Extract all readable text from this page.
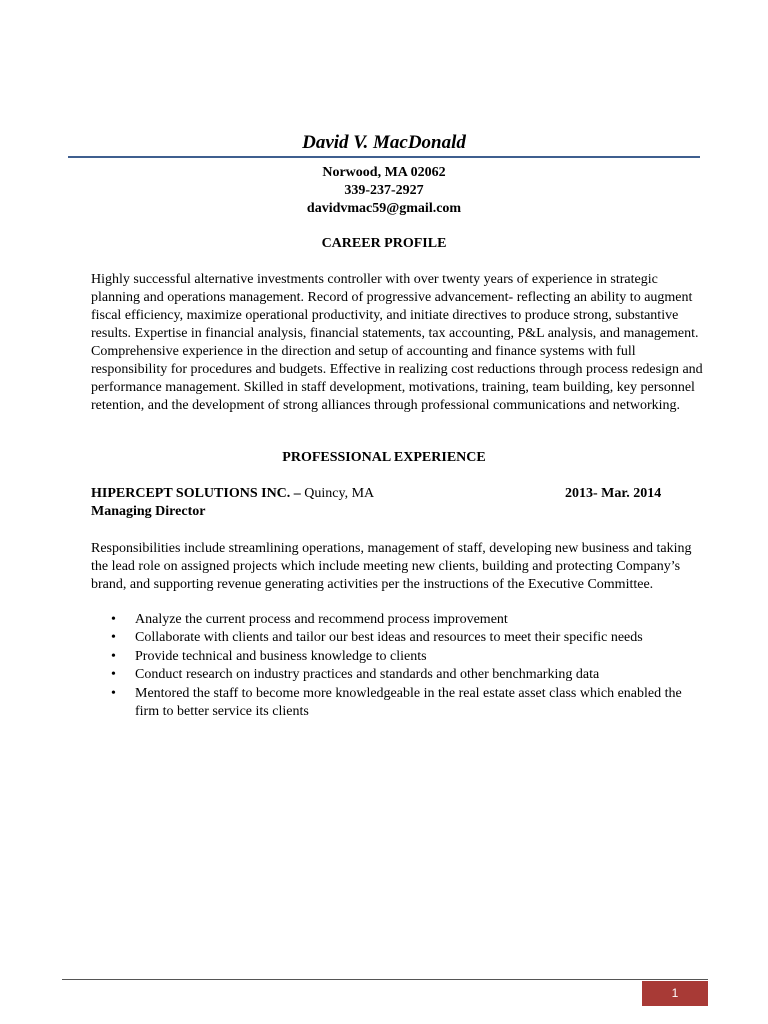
David V. MacDonald
Norwood, MA 02062
339-237-2927
davidvmac59@gmail.com
CAREER PROFILE
Highly successful alternative investments controller with over twenty years of experience in strategic planning and operations management. Record of progressive advancement- reflecting an ability to augment fiscal efficiency, maximize operational productivity, and initiate directives to produce strong, substantive results. Expertise in financial analysis, financial statements, tax accounting, P&L analysis, and management. Comprehensive experience in the direction and setup of accounting and finance systems with full responsibility for procedures and budgets. Effective in realizing cost reductions through process redesign and performance management. Skilled in staff development, motivations, training, team building, key personnel retention, and the development of strong alliances through professional communications and networking.
PROFESSIONAL EXPERIENCE
HIPERCEPT SOLUTIONS INC. – Quincy, MA	2013- Mar. 2014
Managing Director
Responsibilities include streamlining operations, management of staff, developing new business and taking the lead role on assigned projects which include meeting new clients, building and protecting Company’s brand, and supporting revenue generating activities per the instructions of the Executive Committee.
• Analyze the current process and recommend process improvement
• Collaborate with clients and tailor our best ideas and resources to meet their specific needs
• Provide technical and business knowledge to clients
• Conduct research on industry practices and standards and other benchmarking data
• Mentored the staff to become more knowledgeable in the real estate asset class which enabled the firm to better service its clients
1
